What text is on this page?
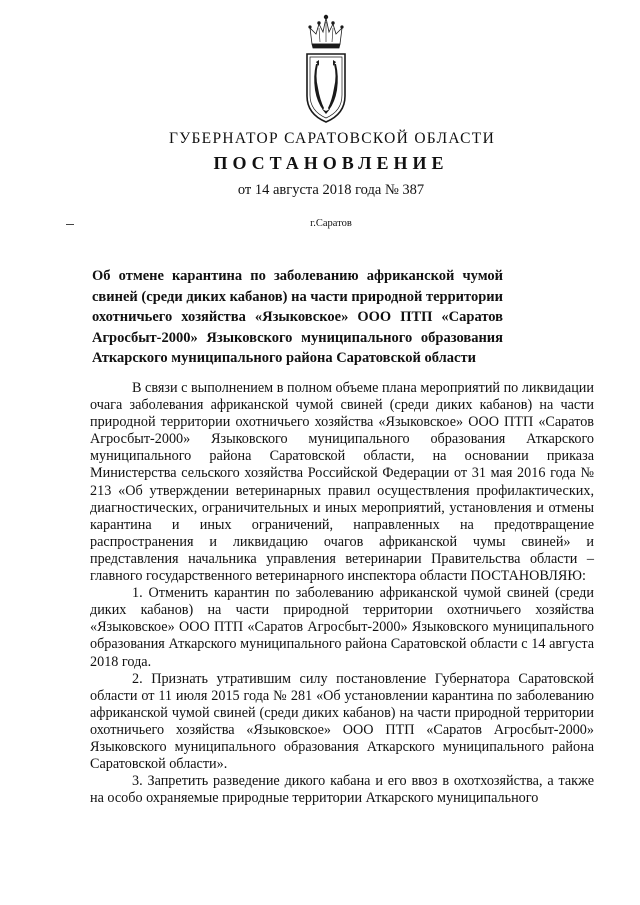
ГУБЕРНАТОР САРАТОВСКОЙ ОБЛАСТИ
ПОСТАНОВЛЕНИЕ
от 14 августа 2018 года № 387
г.Саратов
Об отмене карантина по заболеванию африканской чумой свиней (среди диких кабанов) на части природной территории охотничьего хозяйства «Языковское» ООО ПТП «Саратов Агросбыт-2000» Языковского муниципального образования Аткарского муниципального района Саратовской области

В связи с выполнением в полном объеме плана мероприятий по ликвидации очага заболевания африканской чумой свиней (среди диких кабанов) на части природной территории охотничьего хозяйства «Языковское» ООО ПТП «Саратов Агросбыт-2000» Языковского муниципального образования Аткарского муниципального района Саратовской области, на основании приказа Министерства сельского хозяйства Российской Федерации от 31 мая 2016 года № 213 «Об утверждении ветеринарных правил осуществления профилактических, диагностических, ограничительных и иных мероприятий, установления и отмены карантина и иных ограничений, направленных на предотвращение распространения и ликвидацию очагов африканской чумы свиней» и представления начальника управления ветеринарии Правительства области – главного государственного ветеринарного инспектора области ПОСТАНОВЛЯЮ:

1. Отменить карантин по заболеванию африканской чумой свиней (среди диких кабанов) на части природной территории охотничьего хозяйства «Языковское» ООО ПТП «Саратов Агросбыт-2000» Языковского муниципального образования Аткарского муниципального района Саратовской области с 14 августа 2018 года.

2. Признать утратившим силу постановление Губернатора Саратовской области от 11 июля 2015 года № 281 «Об установлении карантина по заболеванию африканской чумой свиней (среди диких кабанов) на части природной территории охотничьего хозяйства «Языковское» ООО ПТП «Саратов Агросбыт-2000» Языковского муниципального образования Аткарского муниципального района Саратовской области».

3. Запретить разведение дикого кабана и его ввоз в охотхозяйства, а также на особо охраняемые природные территории Аткарского муниципального
